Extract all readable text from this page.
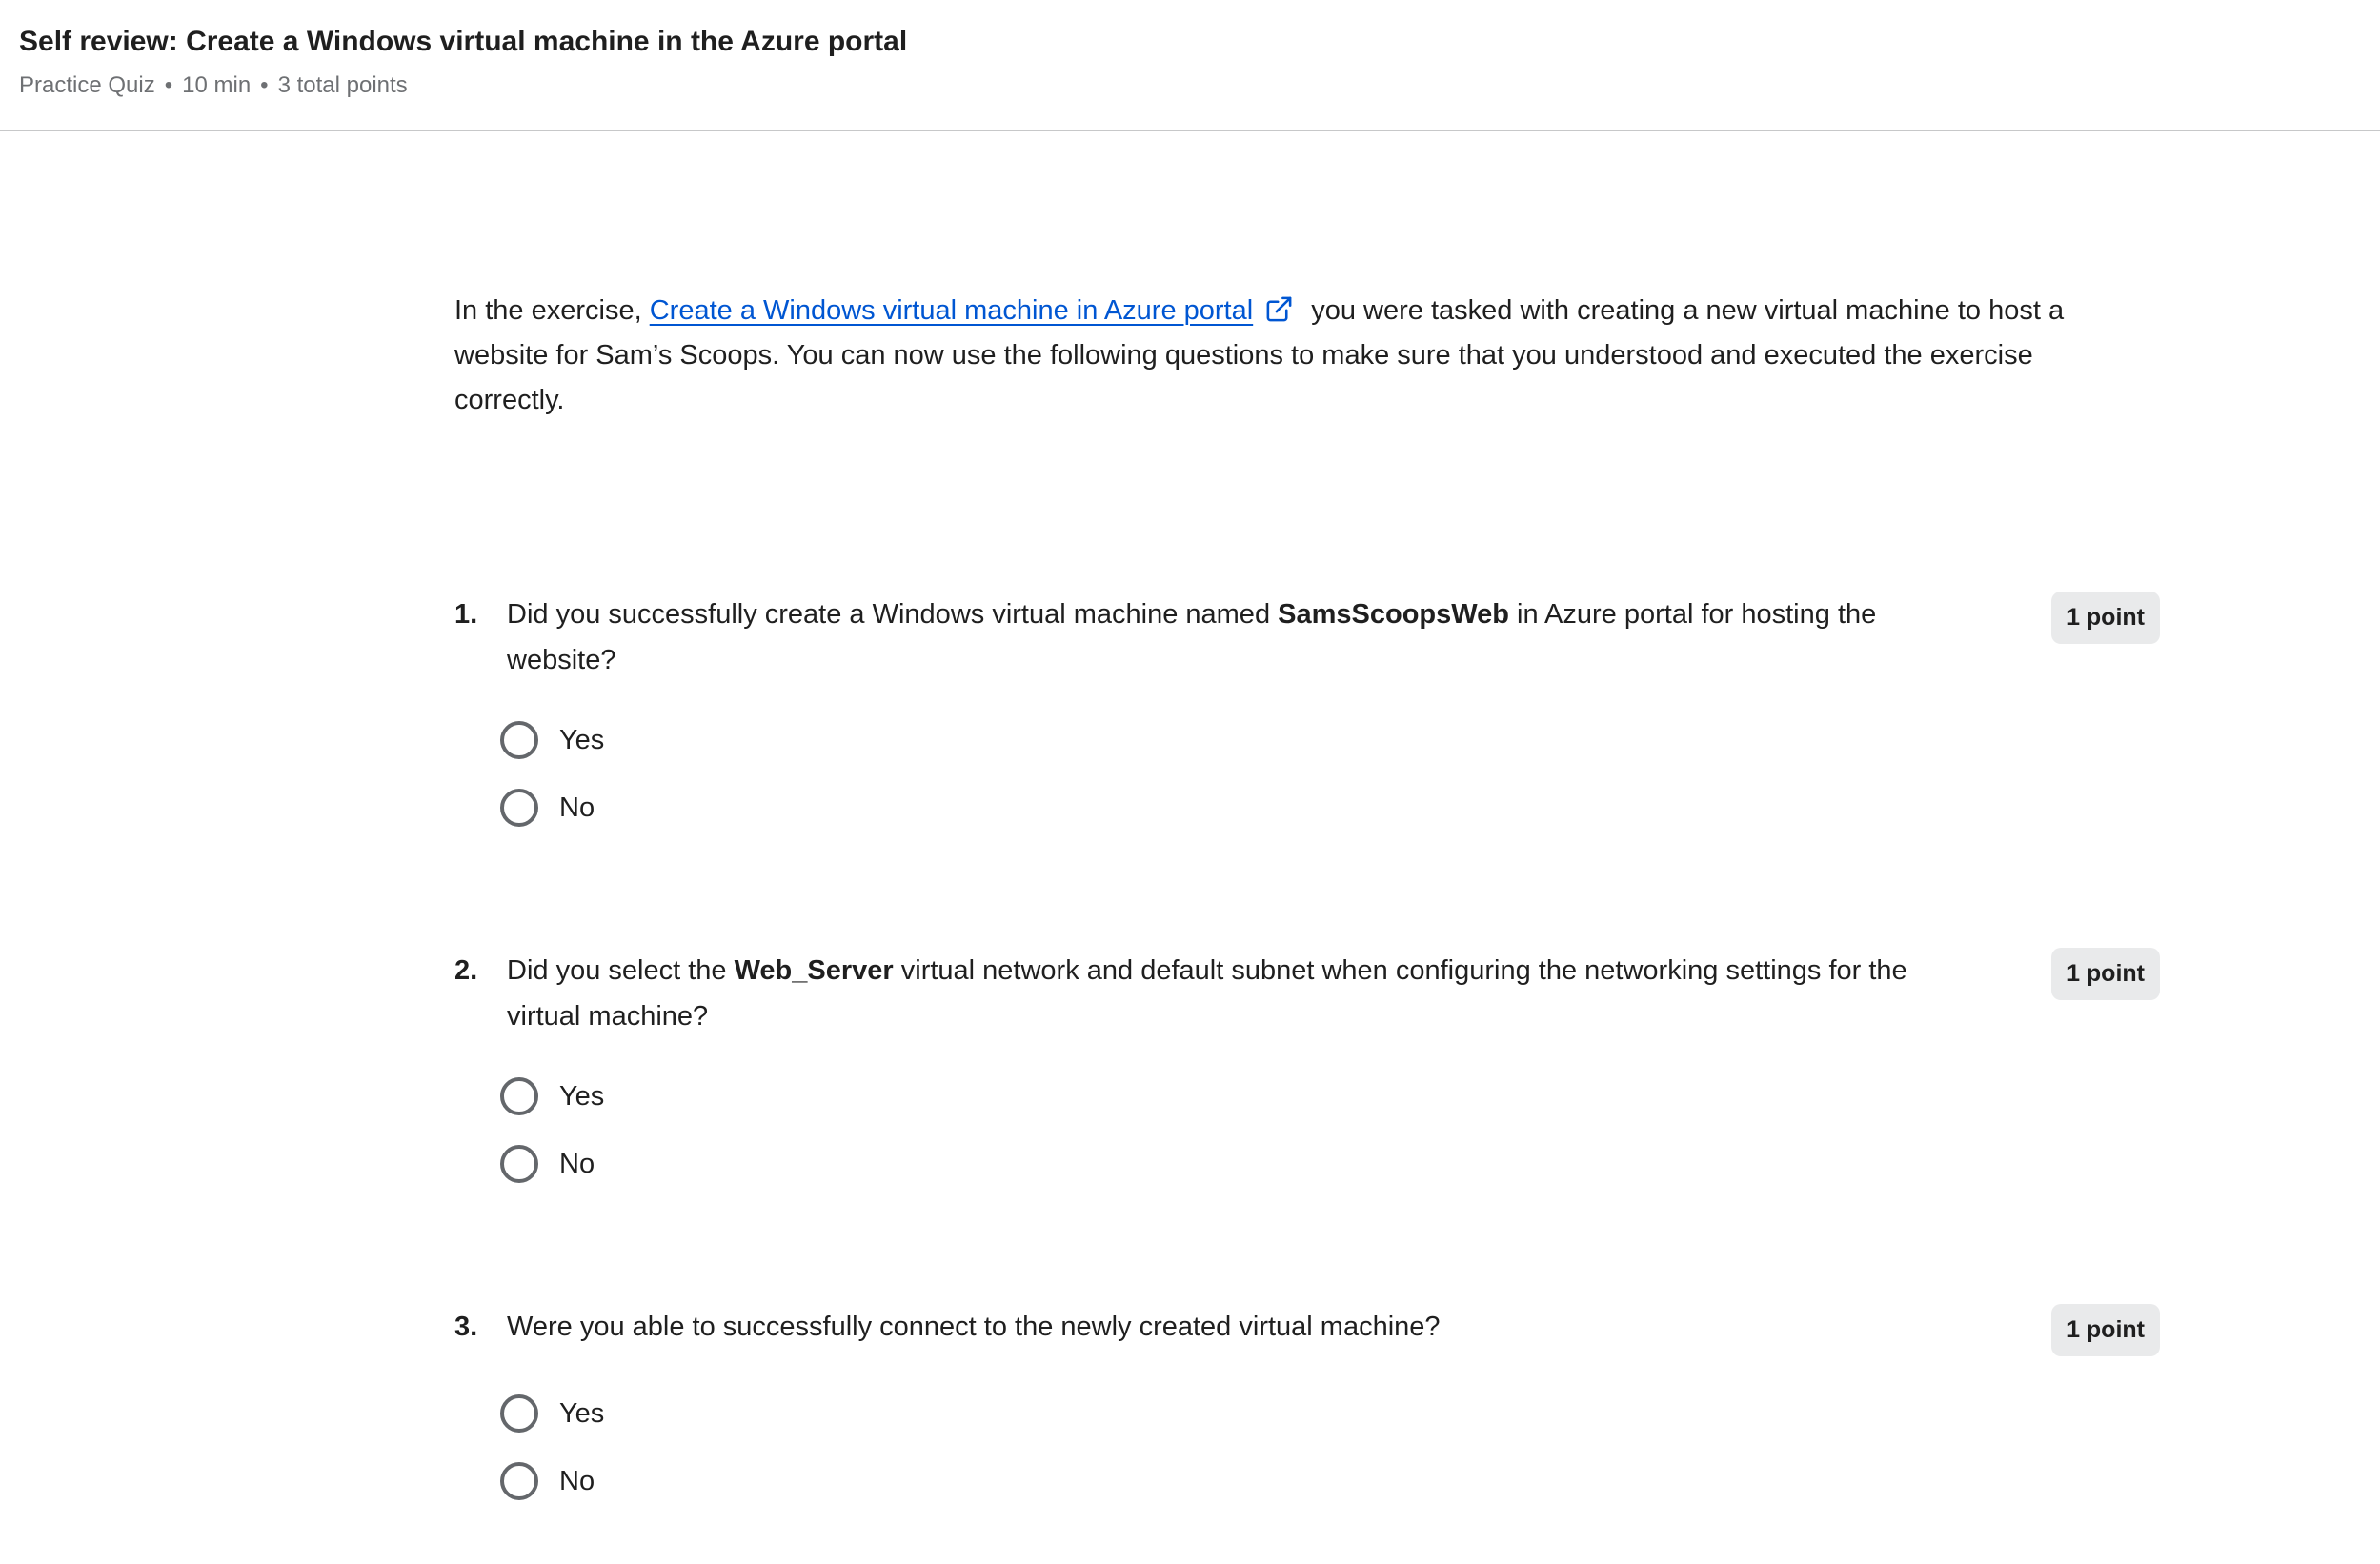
Self review: Create a Windows virtual machine in the Azure portal
Practice Quiz • 10 min • 3 total points

In the exercise, Create a Windows virtual machine in Azure portal you were tasked with creating a new virtual machine to host a website for Sam’s Scoops. You can now use the following questions to make sure that you understood and executed the exercise correctly.

1.	Did you successfully create a Windows virtual machine named SamsScoopsWeb in Azure portal for hosting the website?
1 point
Yes
No
2.	Did you select the Web_Server virtual network and default subnet when configuring the networking settings for the virtual machine?
1 point
Yes
No
3.	Were you able to successfully connect to the newly created virtual machine?	1 point
Yes
No
